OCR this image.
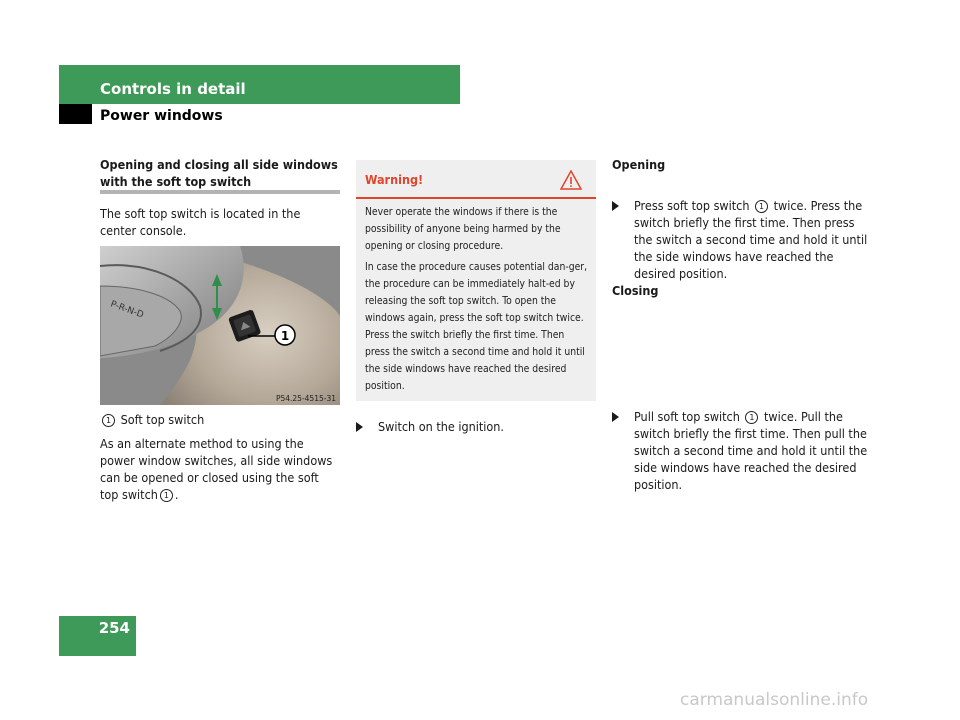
Controls in detail
Power windows
Opening and closing all side windows with the soft top switch
The soft top switch is located in the center console.
P-R-N-D
1
P54.25-4515-31
1 Soft top switch
As an alternate method to using the power window switches, all side windows can be opened or closed using the soft top switch 1 .
Warning!

Never operate the windows if there is the possibility of anyone being harmed by the opening or closing procedure.

In case the procedure causes potential dan-ger, the procedure can be immediately halt-ed by releasing the soft top switch. To open the windows again, press the soft top switch twice. Press the switch briefly the first time. Then press the switch a second time and hold it until the side windows have reached the desired position.

Switch on the ignition.
Opening
Press soft top switch 1 twice. Press the switch briefly the first time. Then press the switch a second time and hold it until the side windows have reached the desired position.
Closing
Pull soft top switch 1 twice. Pull the switch briefly the first time. Then pull the switch a second time and hold it until the side windows have reached the desired position.
254
carmanualsonline.info
